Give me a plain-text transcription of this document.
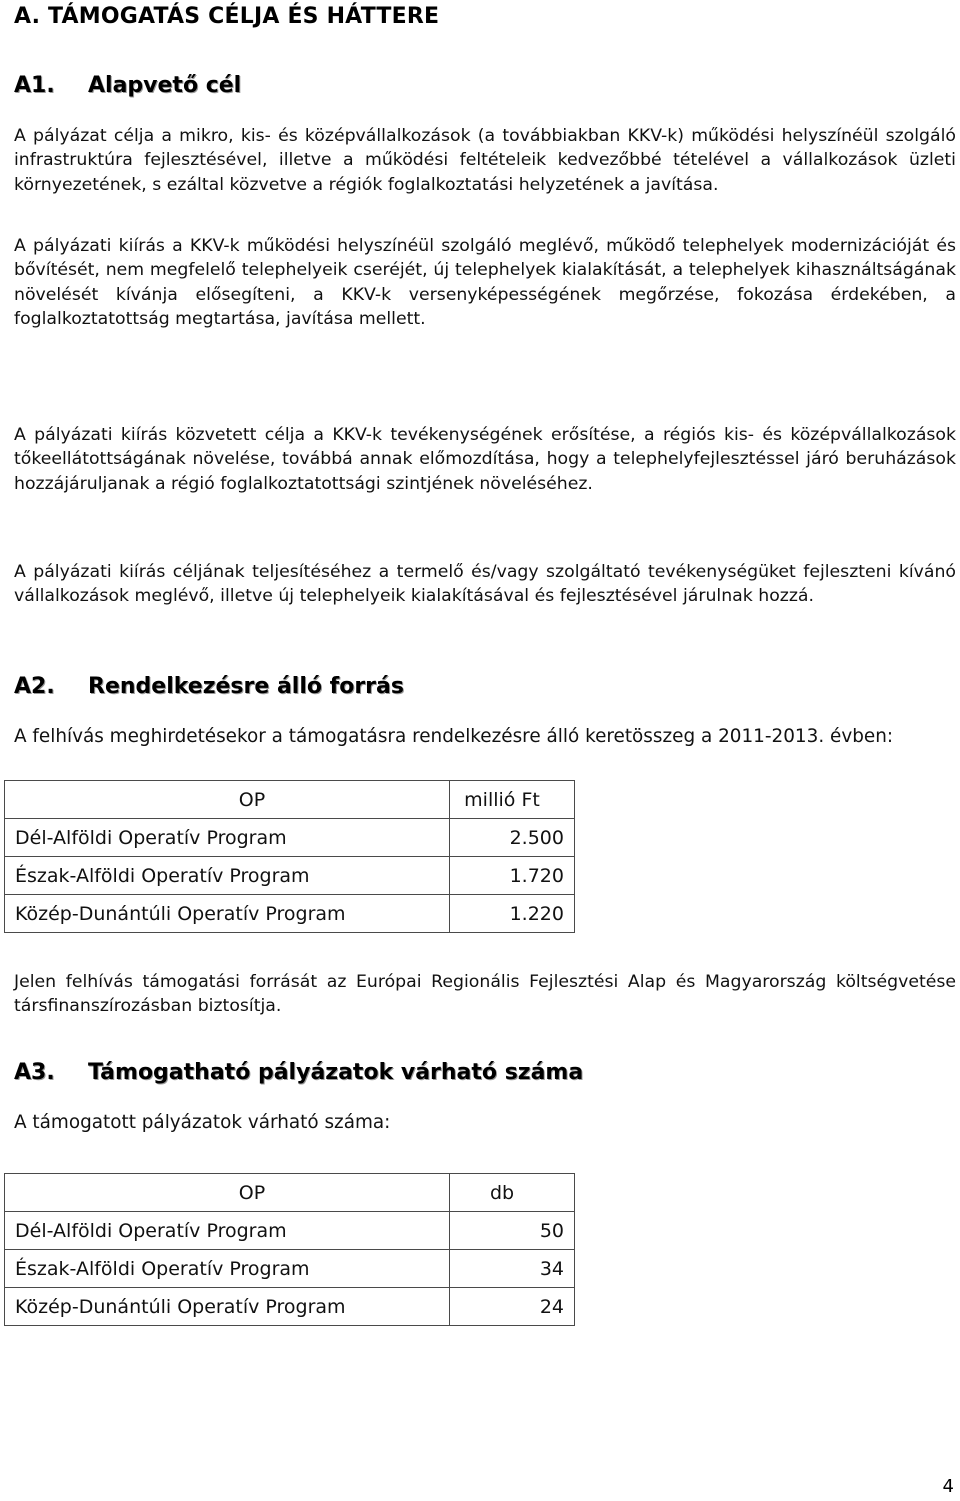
A. TÁMOGATÁS CÉLJA ÉS HÁTTERE
A1. Alapvető cél

A pályázat célja a mikro, kis- és középvállalkozások (a továbbiakban KKV-k) működési helyszínéül szolgáló infrastruktúra fejlesztésével, illetve a működési feltételeik kedvezőbbé tételével a vállalkozások üzleti környezetének, s ezáltal közvetve a régiók foglalkoztatási helyzetének a javítása.

A pályázati kiírás a KKV-k működési helyszínéül szolgáló meglévő, működő telephelyek modernizációját és bővítését, nem megfelelő telephelyeik cseréjét, új telephelyek kialakítását, a telephelyek kihasználtságának növelését kívánja elősegíteni, a KKV-k versenyképességének megőrzése, fokozása érdekében, a foglalkoztatottság megtartása, javítása mellett.

A pályázati kiírás közvetett célja a KKV-k tevékenységének erősítése, a régiós kis- és középvállalkozások tőkeellátottságának növelése, továbbá annak előmozdítása, hogy a telephelyfejlesztéssel járó beruházások hozzájáruljanak a régió foglalkoztatottsági szintjének növeléséhez.

A pályázati kiírás céljának teljesítéséhez a termelő és/vagy szolgáltató tevékenységüket fejleszteni kívánó vállalkozások meglévő, illetve új telephelyeik kialakításával és fejlesztésével járulnak hozzá.

A2. Rendelkezésre álló forrás

A felhívás meghirdetésekor a támogatásra rendelkezésre álló keretösszeg a 2011-2013. évben:

OP	millió Ft
Dél-Alföldi Operatív Program	2.500
Észak-Alföldi Operatív Program	1.720
Közép-Dunántúli Operatív Program	1.220

Jelen felhívás támogatási forrását az Európai Regionális Fejlesztési Alap és Magyarország költségvetése társfinanszírozásban biztosítja.

A3. Támogatható pályázatok várható száma

A támogatott pályázatok várható száma:

OP	db
Dél-Alföldi Operatív Program	50
Észak-Alföldi Operatív Program	34
Közép-Dunántúli Operatív Program	24
4
